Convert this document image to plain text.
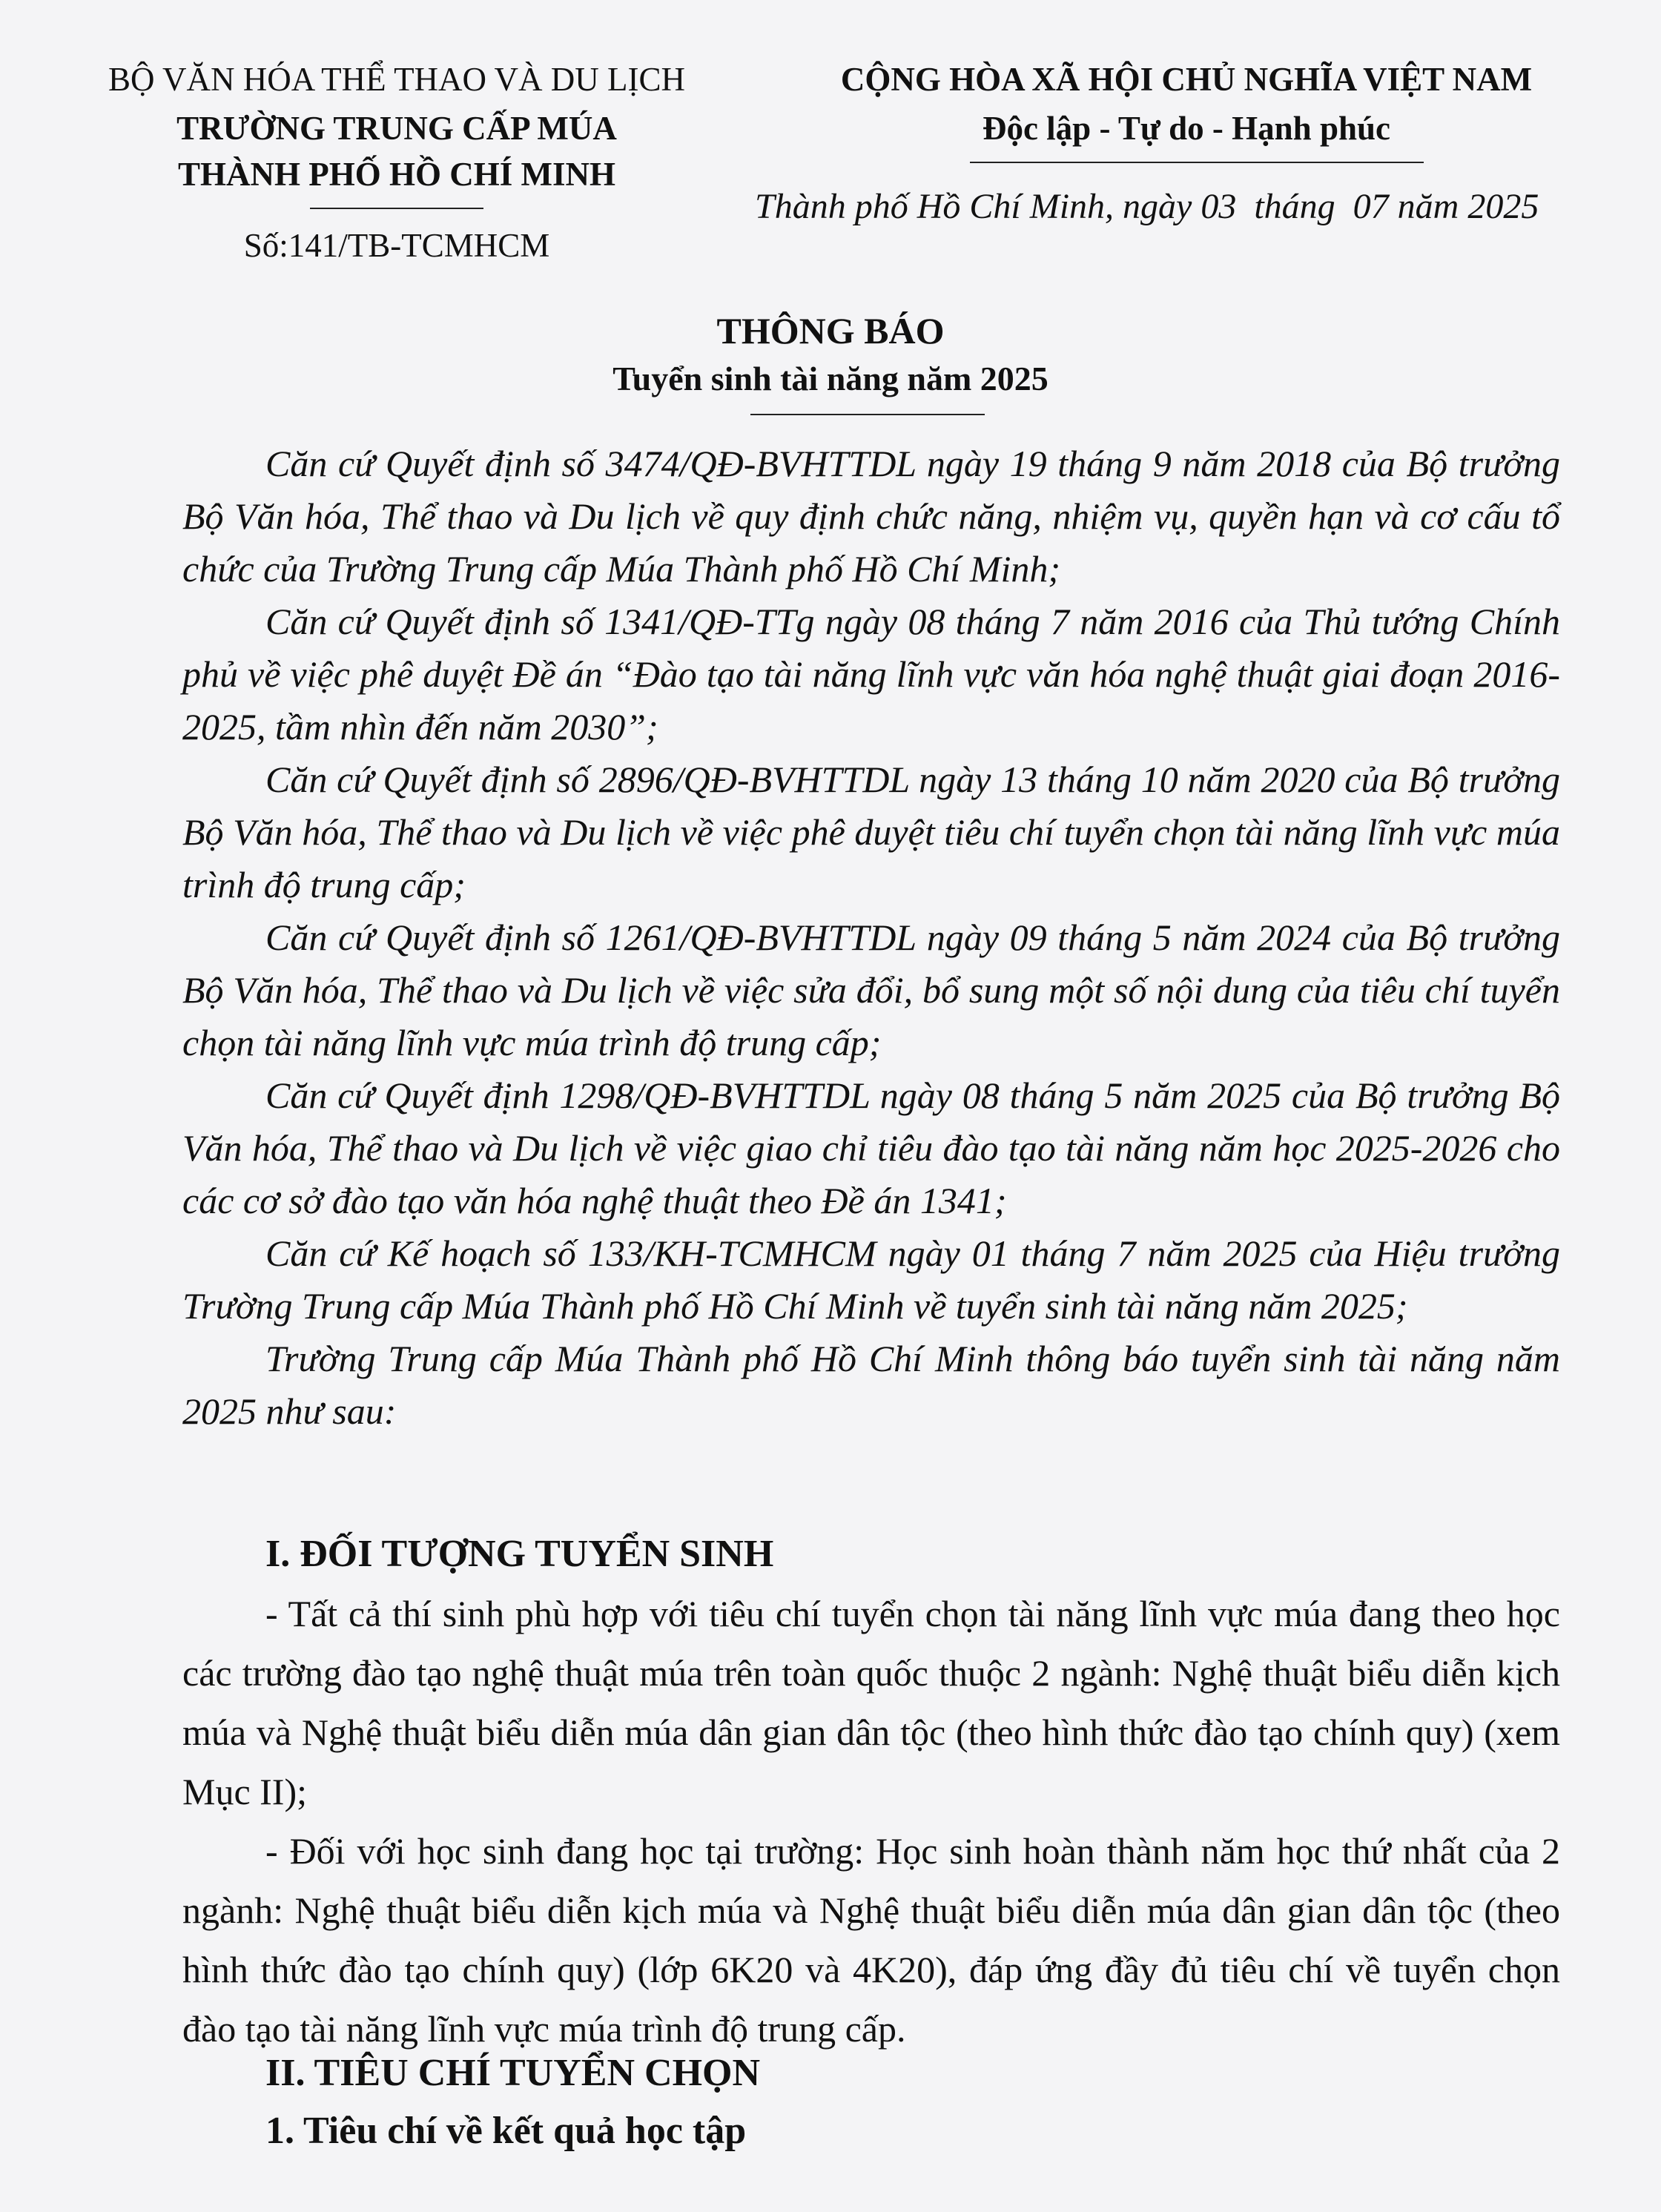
BỘ VĂN HÓA THỂ THAO VÀ DU LỊCH
TRƯỜNG TRUNG CẤP MÚA
THÀNH PHỐ HỒ CHÍ MINH
Số:141/TB-TCMHCM
CỘNG HÒA XÃ HỘI CHỦ NGHĨA VIỆT NAM
Độc lập - Tự do - Hạnh phúc
Thành phố Hồ Chí Minh, ngày 03  tháng  07 năm 2025
THÔNG BÁO
Tuyển sinh tài năng năm 2025

Căn cứ Quyết định số 3474/QĐ-BVHTTDL ngày 19 tháng 9 năm 2018 của Bộ trưởng Bộ Văn hóa, Thể thao và Du lịch về quy định chức năng, nhiệm vụ, quyền hạn và cơ cấu tổ chức của Trường Trung cấp Múa Thành phố Hồ Chí Minh;

Căn cứ Quyết định số 1341/QĐ-TTg ngày 08 tháng 7 năm 2016 của Thủ tướng Chính phủ về việc phê duyệt Đề án “Đào tạo tài năng lĩnh vực văn hóa nghệ thuật giai đoạn 2016-2025, tầm nhìn đến năm 2030”;

Căn cứ Quyết định số 2896/QĐ-BVHTTDL ngày 13 tháng 10 năm 2020 của Bộ trưởng Bộ Văn hóa, Thể thao và Du lịch về việc phê duyệt tiêu chí tuyển chọn tài năng lĩnh vực múa trình độ trung cấp;

Căn cứ Quyết định số 1261/QĐ-BVHTTDL ngày 09 tháng 5 năm 2024 của Bộ trưởng Bộ Văn hóa, Thể thao và Du lịch về việc sửa đổi, bổ sung một số nội dung của tiêu chí tuyển chọn tài năng lĩnh vực múa trình độ trung cấp;

Căn cứ Quyết định 1298/QĐ-BVHTTDL ngày 08 tháng 5 năm 2025 của Bộ trưởng Bộ Văn hóa, Thể thao và Du lịch về việc giao chỉ tiêu đào tạo tài năng năm học 2025-2026 cho các cơ sở đào tạo văn hóa nghệ thuật theo Đề án 1341;

Căn cứ Kế hoạch số 133/KH-TCMHCM ngày 01 tháng 7 năm 2025 của Hiệu trưởng Trường Trung cấp Múa Thành phố Hồ Chí Minh về tuyển sinh tài năng năm 2025;

Trường Trung cấp Múa Thành phố Hồ Chí Minh thông báo tuyển sinh tài năng năm 2025 như sau:

I. ĐỐI TƯỢNG TUYỂN SINH

- Tất cả thí sinh phù hợp với tiêu chí tuyển chọn tài năng lĩnh vực múa đang theo học các trường đào tạo nghệ thuật múa trên toàn quốc thuộc 2 ngành: Nghệ thuật biểu diễn kịch múa và Nghệ thuật biểu diễn múa dân gian dân tộc (theo hình thức đào tạo chính quy) (xem Mục II);

- Đối với học sinh đang học tại trường: Học sinh hoàn thành năm học thứ nhất của 2 ngành: Nghệ thuật biểu diễn kịch múa và Nghệ thuật biểu diễn múa dân gian dân tộc (theo hình thức đào tạo chính quy) (lớp 6K20 và 4K20), đáp ứng đầy đủ tiêu chí về tuyển chọn đào tạo tài năng lĩnh vực múa trình độ trung cấp.

II. TIÊU CHÍ TUYỂN CHỌN

1. Tiêu chí về kết quả học tập
